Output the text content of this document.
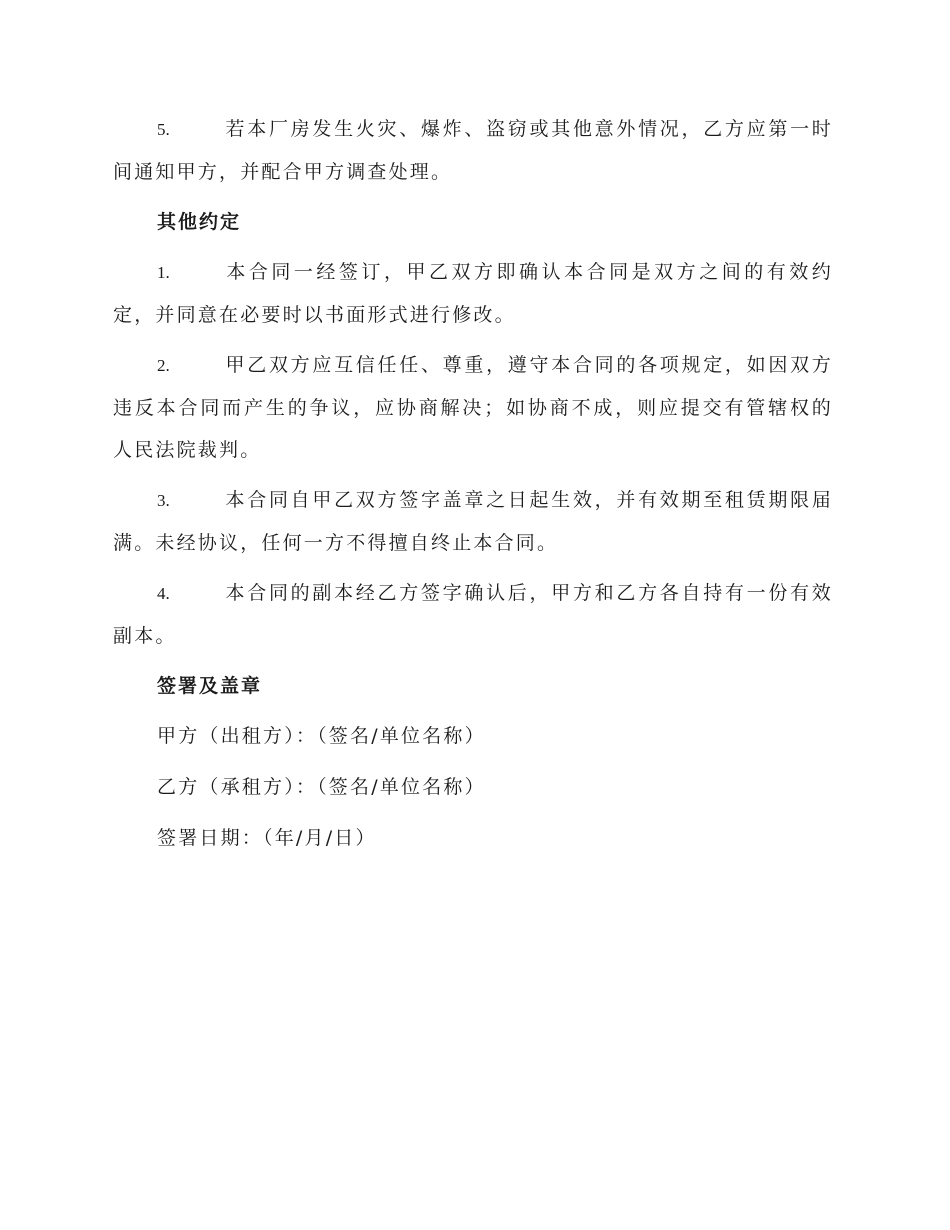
5.	若本厂房发生火灾、爆炸、盗窃或其他意外情况，乙方应第一时间通知甲方，并配合甲方调查处理。
其他约定
1.	本合同一经签订，甲乙双方即确认本合同是双方之间的有效约定，并同意在必要时以书面形式进行修改。
2.	甲乙双方应互信任任、尊重，遵守本合同的各项规定，如因双方违反本合同而产生的争议，应协商解决；如协商不成，则应提交有管辖权的人民法院裁判。
3.	本合同自甲乙双方签字盖章之日起生效，并有效期至租赁期限届满。未经协议，任何一方不得擅自终止本合同。
4.	本合同的副本经乙方签字确认后，甲方和乙方各自持有一份有效副本。
签署及盖章
甲方（出租方）：（签名/单位名称）
乙方（承租方）：（签名/单位名称）
签署日期：（年/月/日）
